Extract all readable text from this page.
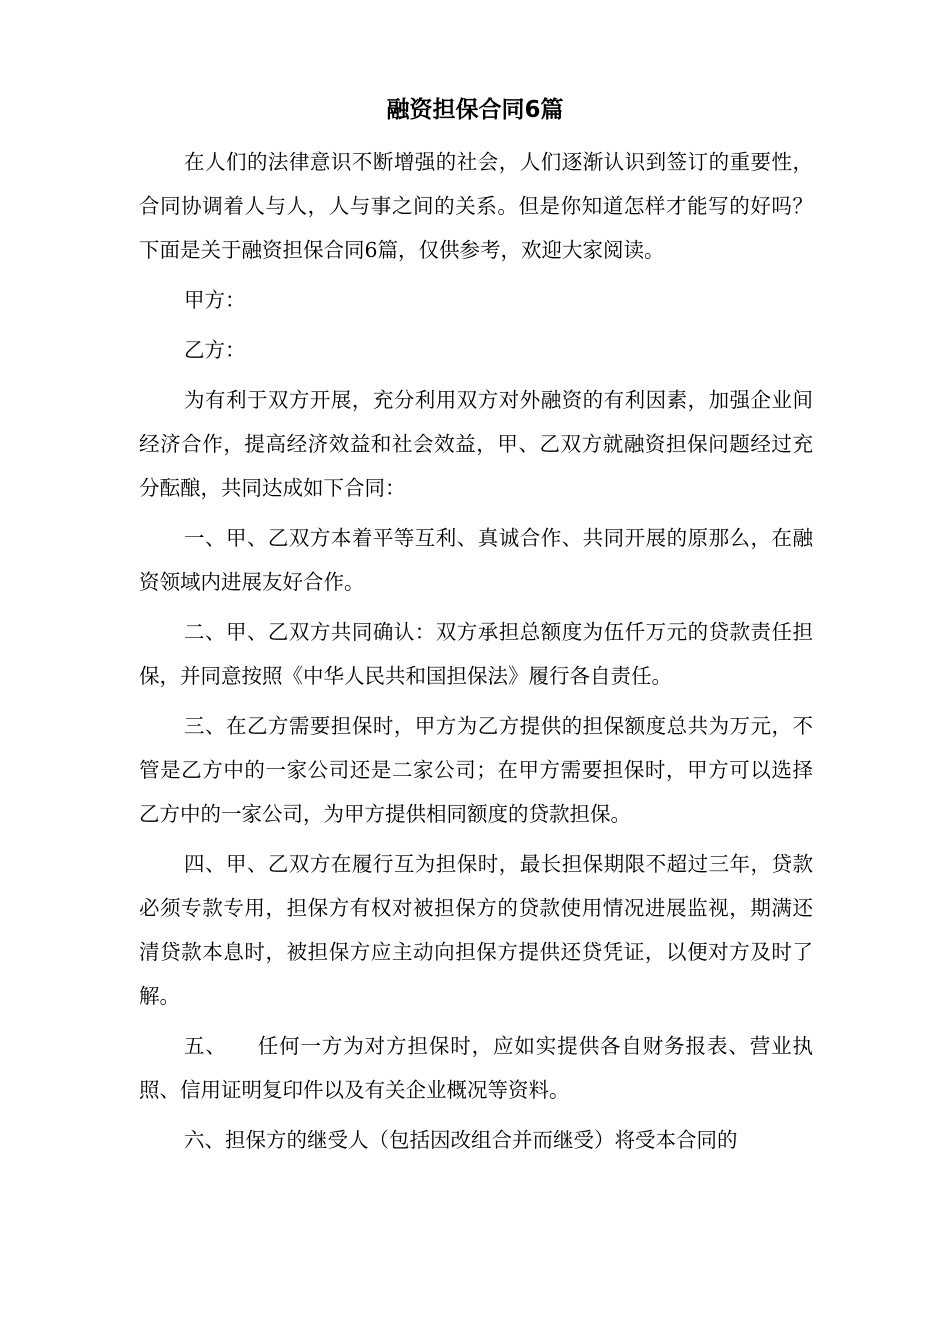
融资担保合同6篇

在人们的法律意识不断增强的社会，人们逐渐认识到签订的重要性，合同协调着人与人，人与事之间的关系。但是你知道怎样才能写的好吗？下面是关于融资担保合同6篇，仅供参考，欢迎大家阅读。

甲方：

乙方：

为有利于双方开展，充分利用双方对外融资的有利因素，加强企业间经济合作，提高经济效益和社会效益，甲、乙双方就融资担保问题经过充分酝酿，共同达成如下合同：

一、甲、乙双方本着平等互利、真诚合作、共同开展的原那么，在融资领域内进展友好合作。

二、甲、乙双方共同确认：双方承担总额度为伍仟万元的贷款责任担保，并同意按照《中华人民共和国担保法》履行各自责任。

三、在乙方需要担保时，甲方为乙方提供的担保额度总共为万元，不管是乙方中的一家公司还是二家公司；在甲方需要担保时，甲方可以选择乙方中的一家公司，为甲方提供相同额度的贷款担保。

四、甲、乙双方在履行互为担保时，最长担保期限不超过三年，贷款必须专款专用，担保方有权对被担保方的贷款使用情况进展监视，期满还清贷款本息时，被担保方应主动向担保方提供还贷凭证，以便对方及时了解。

五、 任何一方为对方担保时，应如实提供各自财务报表、营业执照、信用证明复印件以及有关企业概况等资料。

六、担保方的继受人（包括因改组合并而继受）将受本合同的
